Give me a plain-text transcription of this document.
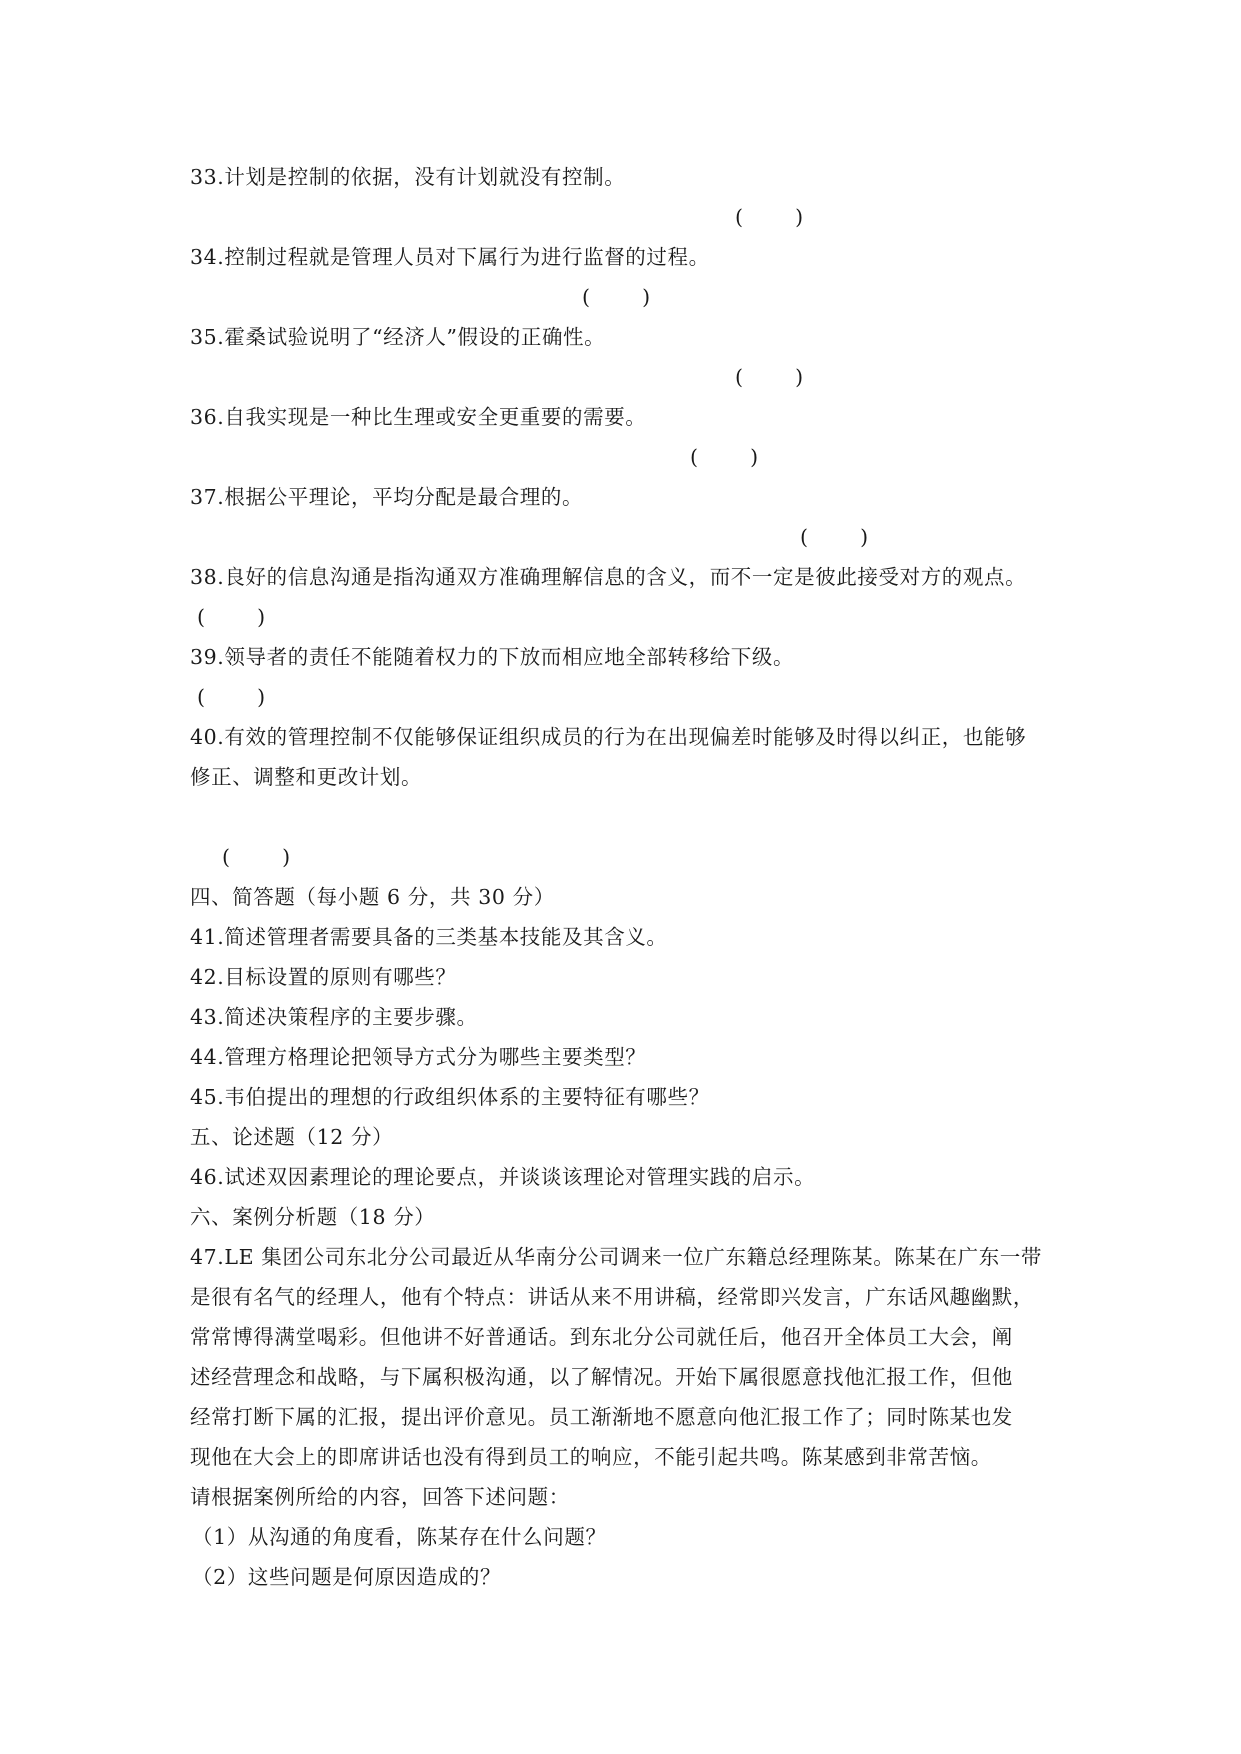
33.计划是控制的依据，没有计划就没有控制。
(        )
34.控制过程就是管理人员对下属行为进行监督的过程。
(        )
35.霍桑试验说明了“经济人”假设的正确性。
(        )
36.自我实现是一种比生理或安全更重要的需要。
(        )
37.根据公平理论，平均分配是最合理的。
(        )
38.良好的信息沟通是指沟通双方准确理解信息的含义，而不一定是彼此接受对方的观点。
(        )
39.领导者的责任不能随着权力的下放而相应地全部转移给下级。
(        )
40.有效的管理控制不仅能够保证组织成员的行为在出现偏差时能够及时得以纠正，也能够
修正、调整和更改计划。
(        )
四、简答题（每小题 6 分，共 30 分）
41.简述管理者需要具备的三类基本技能及其含义。
42.目标设置的原则有哪些？
43.简述决策程序的主要步骤。
44.管理方格理论把领导方式分为哪些主要类型？
45.韦伯提出的理想的行政组织体系的主要特征有哪些？
五、论述题（12 分）
46.试述双因素理论的理论要点，并谈谈该理论对管理实践的启示。
六、案例分析题（18 分）
47.LE 集团公司东北分公司最近从华南分公司调来一位广东籍总经理陈某。陈某在广东一带
是很有名气的经理人，他有个特点：讲话从来不用讲稿，经常即兴发言，广东话风趣幽默，
常常博得满堂喝彩。但他讲不好普通话。到东北分公司就任后，他召开全体员工大会，阐
述经营理念和战略，与下属积极沟通，以了解情况。开始下属很愿意找他汇报工作，但他
经常打断下属的汇报，提出评价意见。员工渐渐地不愿意向他汇报工作了；同时陈某也发
现他在大会上的即席讲话也没有得到员工的响应，不能引起共鸣。陈某感到非常苦恼。
请根据案例所给的内容，回答下述问题：
（1）从沟通的角度看，陈某存在什么问题？
（2）这些问题是何原因造成的？
